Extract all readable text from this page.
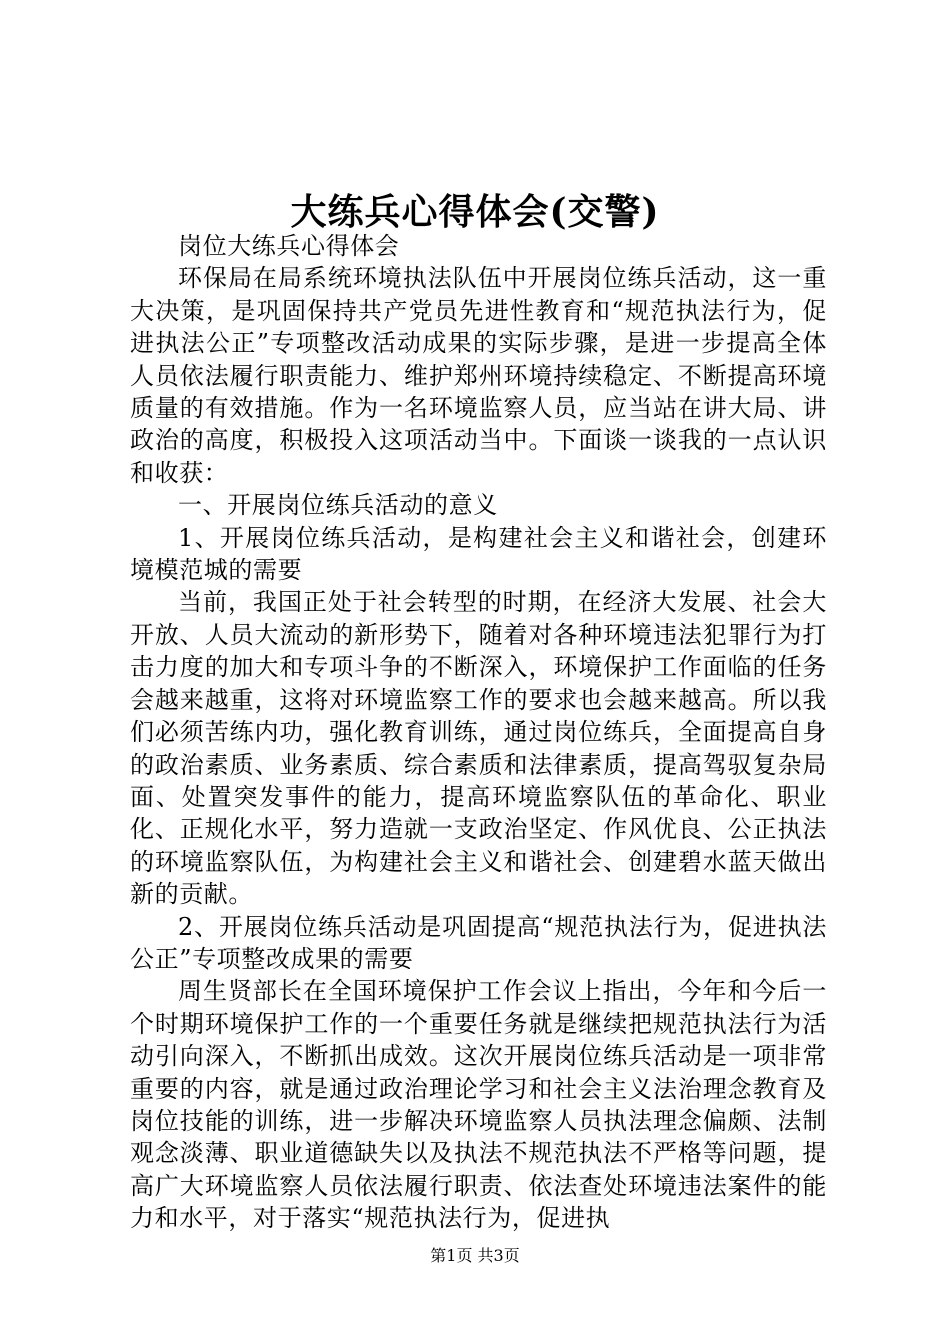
大练兵心得体会(交警)

岗位大练兵心得体会

环保局在局系统环境执法队伍中开展岗位练兵活动，这一重大决策，是巩固保持共产党员先进性教育和“规范执法行为，促进执法公正”专项整改活动成果的实际步骤，是进一步提高全体人员依法履行职责能力、维护郑州环境持续稳定、不断提高环境质量的有效措施。作为一名环境监察人员，应当站在讲大局、讲政治的高度，积极投入这项活动当中。下面谈一谈我的一点认识和收获：

一、开展岗位练兵活动的意义

1、开展岗位练兵活动，是构建社会主义和谐社会，创建环境模范城的需要

当前，我国正处于社会转型的时期，在经济大发展、社会大开放、人员大流动的新形势下，随着对各种环境违法犯罪行为打击力度的加大和专项斗争的不断深入，环境保护工作面临的任务会越来越重，这将对环境监察工作的要求也会越来越高。所以我们必须苦练内功，强化教育训练，通过岗位练兵，全面提高自身的政治素质、业务素质、综合素质和法律素质，提高驾驭复杂局面、处置突发事件的能力，提高环境监察队伍的革命化、职业化、正规化水平，努力造就一支政治坚定、作风优良、公正执法的环境监察队伍，为构建社会主义和谐社会、创建碧水蓝天做出新的贡献。

2、开展岗位练兵活动是巩固提高“规范执法行为，促进执法公正”专项整改成果的需要

周生贤部长在全国环境保护工作会议上指出，今年和今后一个时期环境保护工作的一个重要任务就是继续把规范执法行为活动引向深入，不断抓出成效。这次开展岗位练兵活动是一项非常重要的内容，就是通过政治理论学习和社会主义法治理念教育及岗位技能的训练，进一步解决环境监察人员执法理念偏颇、法制观念淡薄、职业道德缺失以及执法不规范执法不严格等问题，提高广大环境监察人员依法履行职责、依法查处环境违法案件的能力和水平，对于落实“规范执法行为，促进执

第1页 共3页
